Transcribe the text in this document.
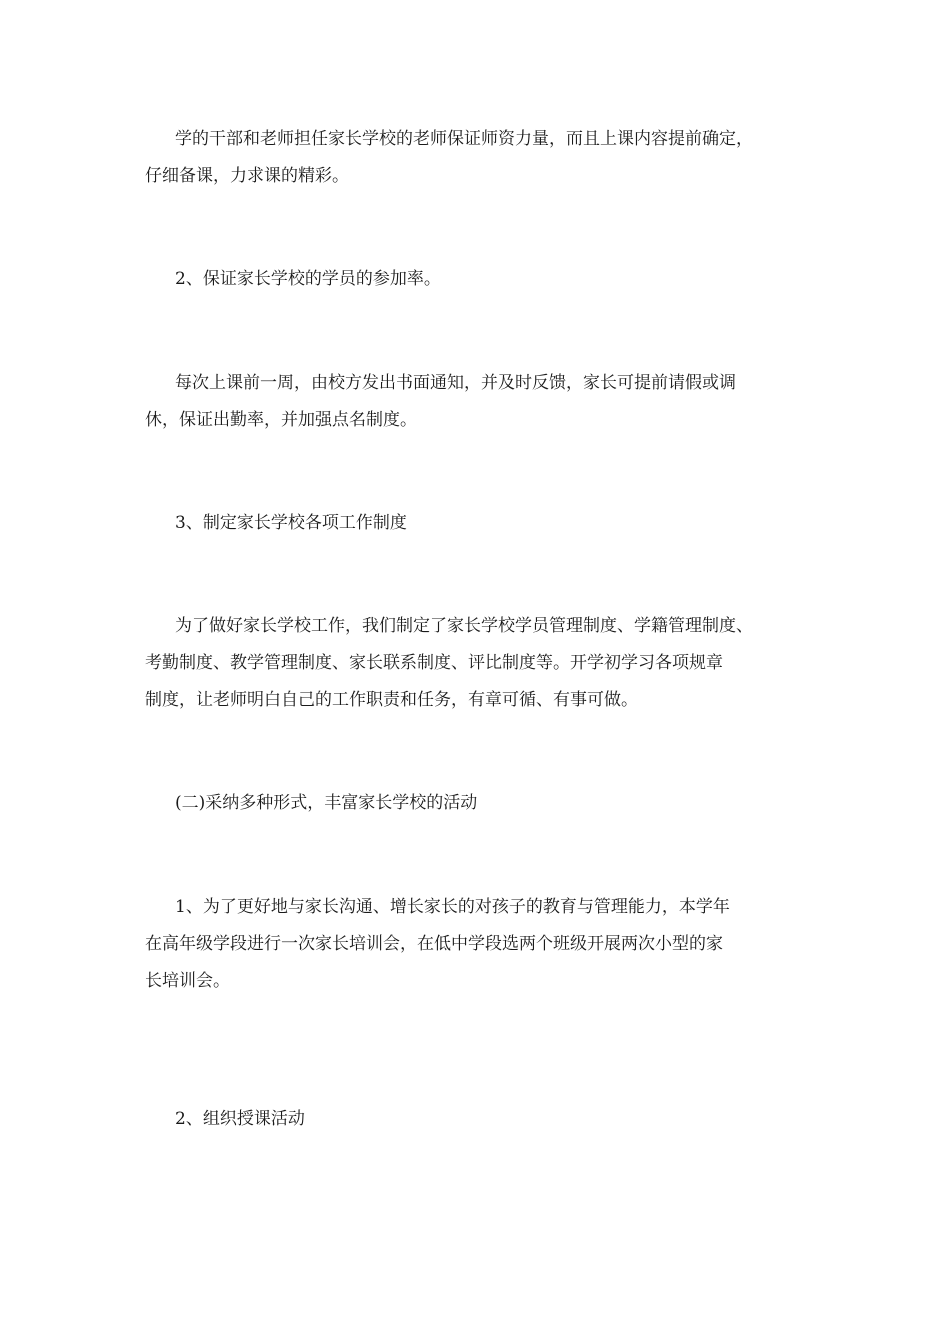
学的干部和老师担任家长学校的老师保证师资力量，而且上课内容提前确定，
仔细备课，力求课的精彩。
2、保证家长学校的学员的参加率。
每次上课前一周，由校方发出书面通知，并及时反馈，家长可提前请假或调
休，保证出勤率，并加强点名制度。
3、制定家长学校各项工作制度
为了做好家长学校工作，我们制定了家长学校学员管理制度、学籍管理制度、
考勤制度、教学管理制度、家长联系制度、评比制度等。开学初学习各项规章
制度，让老师明白自己的工作职责和任务，有章可循、有事可做。
(二)采纳多种形式，丰富家长学校的活动
1、为了更好地与家长沟通、增长家长的对孩子的教育与管理能力，本学年
在高年级学段进行一次家长培训会，在低中学段选两个班级开展两次小型的家
长培训会。
2、组织授课活动
